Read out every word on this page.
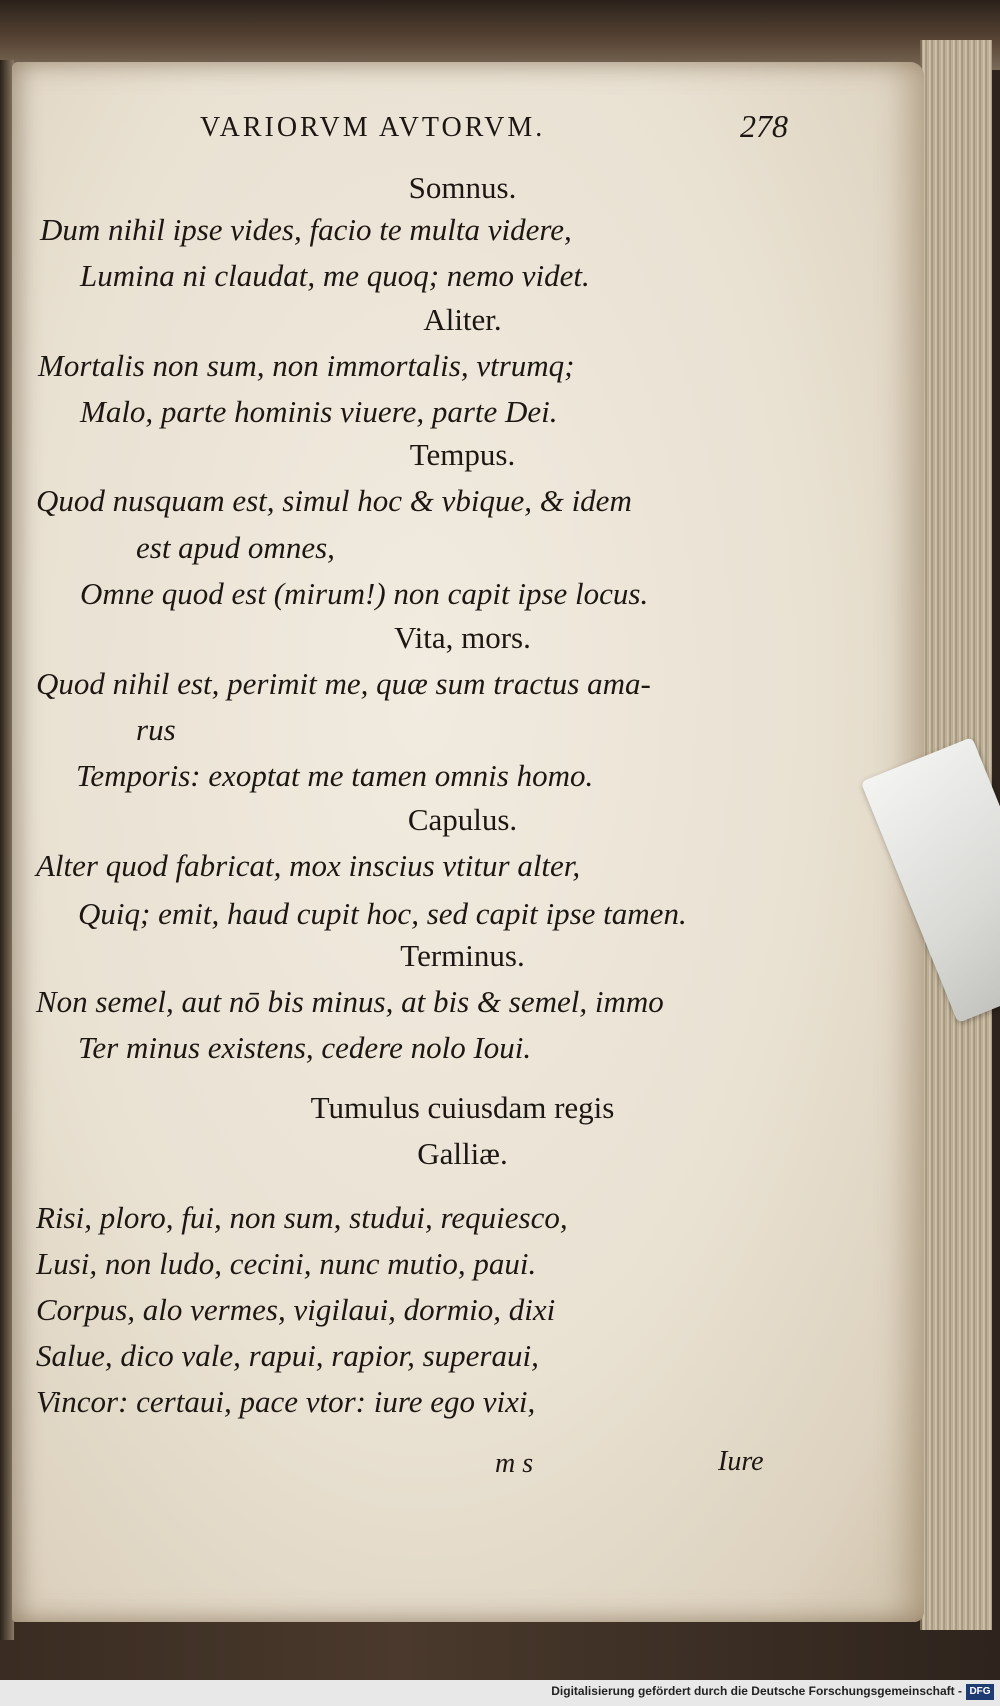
VARIORVM AVTORVM.	278
Somnus.
Dum nihil ipse vides, facio te multa videre,
Lumina ni claudat, me quoq; nemo videt.
Aliter.
Mortalis non sum, non immortalis, vtrumq;
Malo, parte hominis viuere, parte Dei.
Tempus.
Quod nusquam est, simul hoc & vbique, & idem
est apud omnes,
Omne quod est (mirum!) non capit ipse locus.
Vita, mors.
Quod nihil est, perimit me, quæ sum tractus ama-
rus
Temporis: exoptat me tamen omnis homo.
Capulus.
Alter quod fabricat, mox inscius vtitur alter,
Quiq; emit, haud cupit hoc, sed capit ipse tamen.
Terminus.
Non semel, aut nō bis minus, at bis & semel, immo
Ter minus existens, cedere nolo Ioui.
Tumulus cuiusdam regis
Galliæ.
Risi, ploro, fui, non sum, studui, requiesco,
Lusi, non ludo, cecini, nunc mutio, paui.
Corpus, alo vermes, vigilaui, dormio, dixi
Salue, dico vale, rapui, rapior, superaui,
Vincor: certaui, pace vtor: iure ego vixi,
m s	Iure
Digitalisierung gefördert durch die Deutsche Forschungsgemeinschaft - DFG
